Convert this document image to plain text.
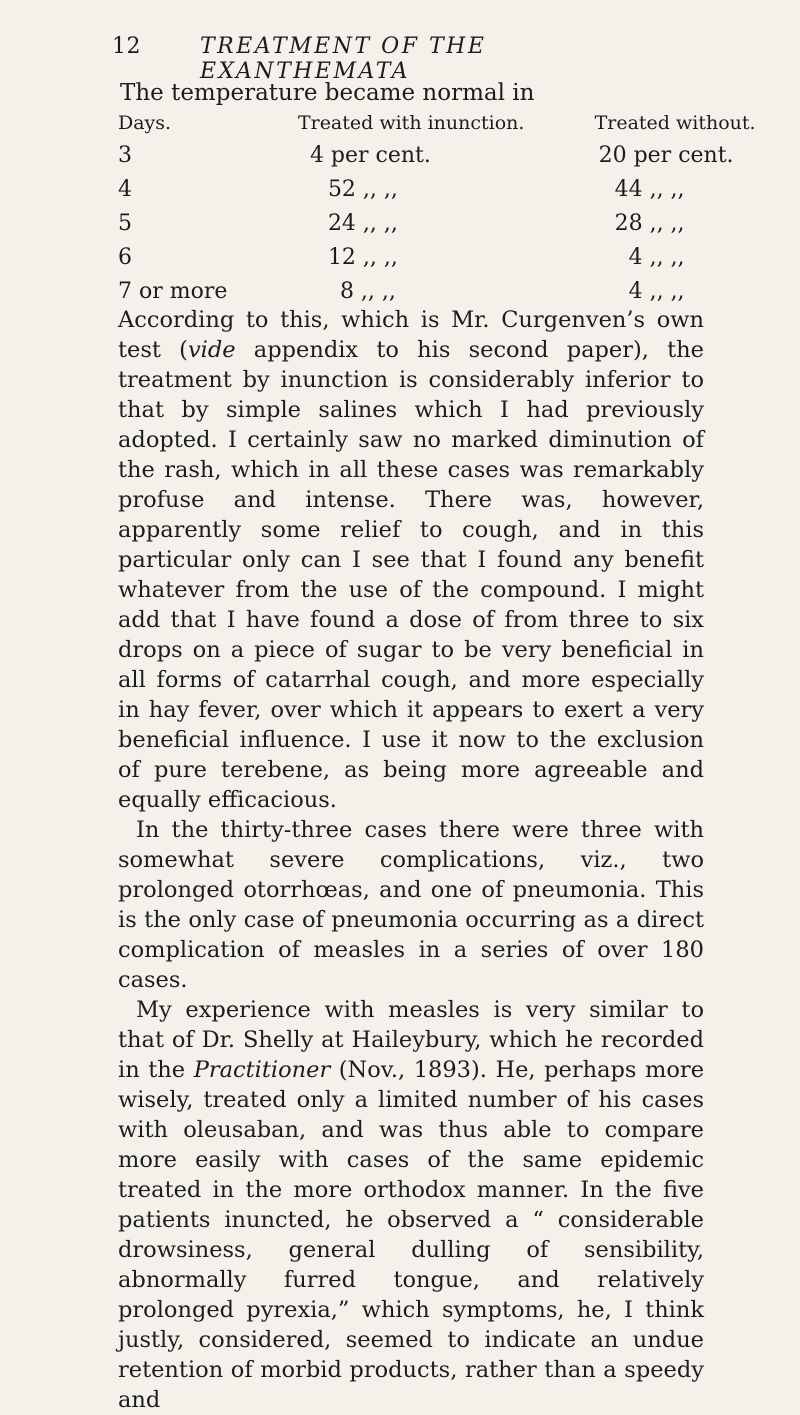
12	TREATMENT OF THE EXANTHEMATA
The temperature became normal in
Days.	Treated with inunction.	Treated without.
3	4 per cent.	20 per cent.
4	52 ,, ,,	44 ,, ,,
5	24 ,, ,,	28 ,, ,,
6	12 ,, ,,	4 ,, ,,
7 or more	8 ,, ,,	4 ,, ,,

According to this, which is Mr. Curgenven’s own test (vide appendix to his second paper), the treatment by inunction is considerably inferior to that by simple salines which I had previously adopted. I certainly saw no marked diminution of the rash, which in all these cases was remarkably profuse and intense. There was, however, apparently some relief to cough, and in this particular only can I see that I found any benefit whatever from the use of the compound. I might add that I have found a dose of from three to six drops on a piece of sugar to be very beneficial in all forms of catarrhal cough, and more especially in hay fever, over which it appears to exert a very beneficial influence. I use it now to the exclusion of pure terebene, as being more agreeable and equally efficacious.

In the thirty-three cases there were three with somewhat severe complications, viz., two prolonged otorrhœas, and one of pneumonia. This is the only case of pneumonia occurring as a direct complication of measles in a series of over 180 cases.

My experience with measles is very similar to that of Dr. Shelly at Haileybury, which he recorded in the Practitioner (Nov., 1893). He, perhaps more wisely, treated only a limited number of his cases with oleusaban, and was thus able to compare more easily with cases of the same epidemic treated in the more orthodox manner. In the five patients inuncted, he observed a “ considerable drowsiness, general dulling of sensibility, abnormally furred tongue, and relatively prolonged pyrexia,” which symptoms, he, I think justly, considered, seemed to indicate an undue retention of morbid products, rather than a speedy and
